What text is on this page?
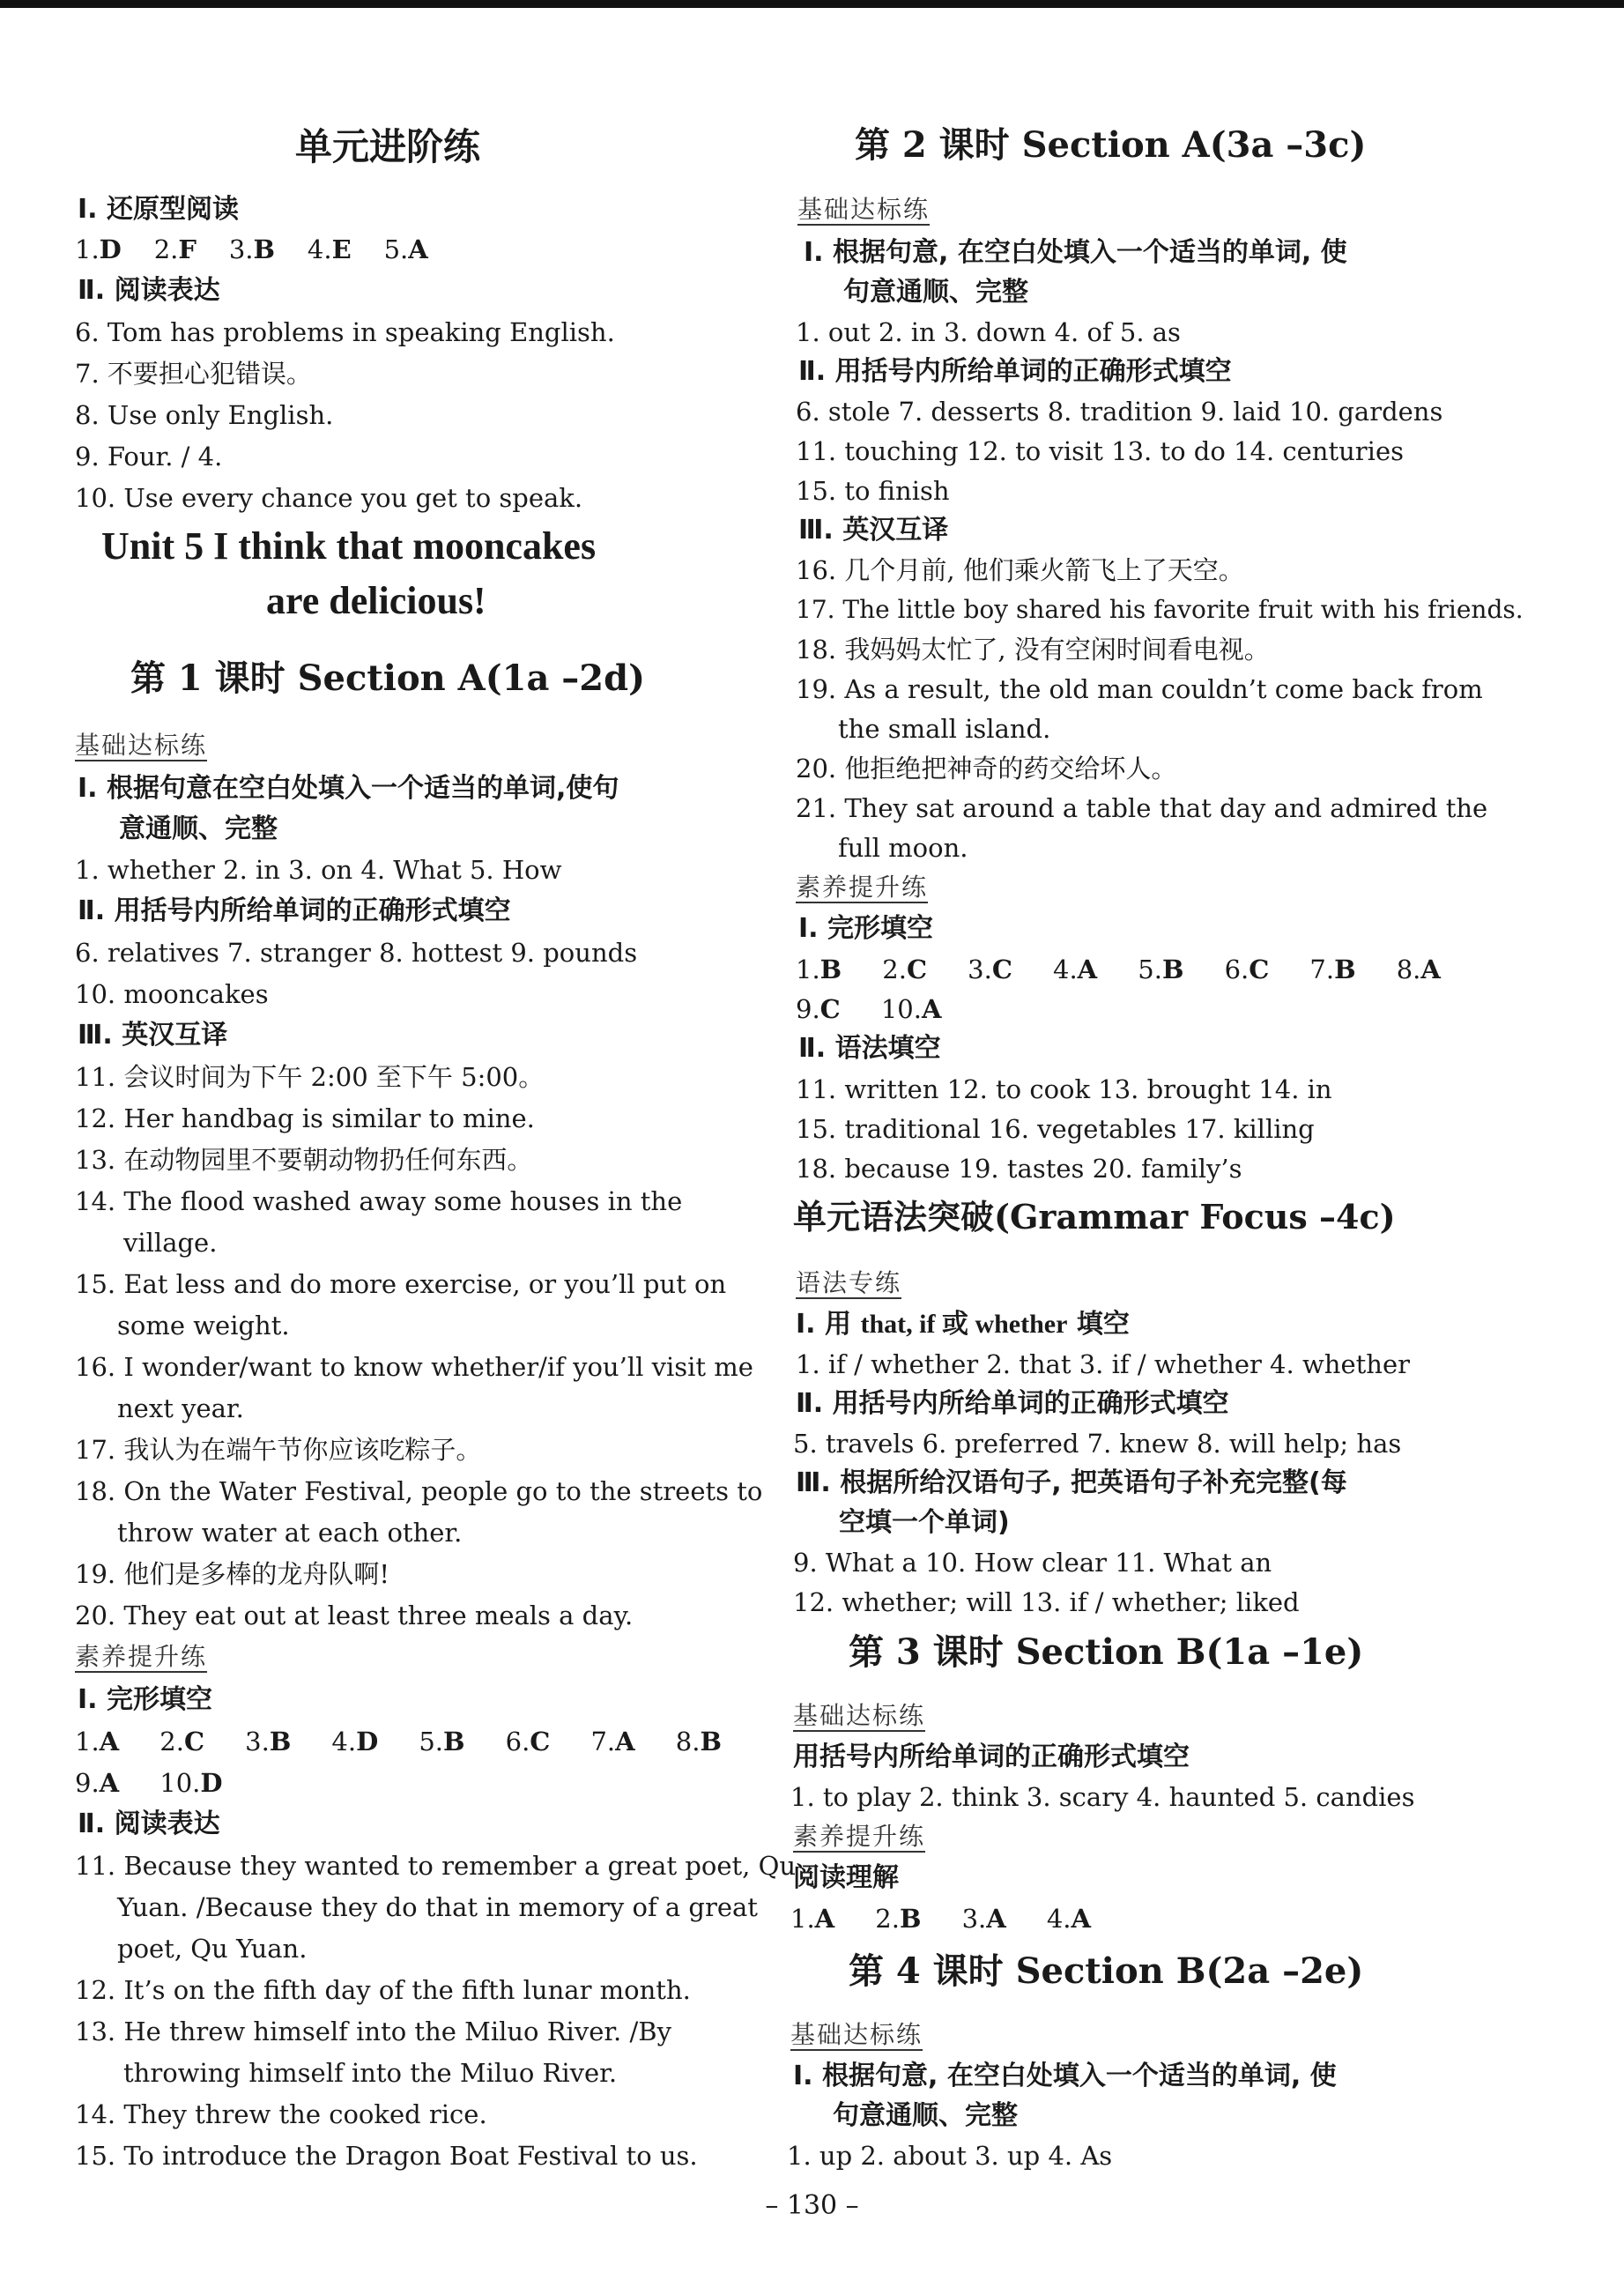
单元进阶练
Ⅰ. 还原型阅读
1.D 2.F 3.B 4.E 5.A
Ⅱ. 阅读表达
6. Tom has problems in speaking English.
7. 不要担心犯错误。
8. Use only English.
9. Four. / 4.
10. Use every chance you get to speak.
Unit 5 I think that mooncakes
are delicious!
第 1 课时 Section A(1a –2d)
基础达标练
Ⅰ. 根据句意在空白处填入一个适当的单词,使句
意通顺、完整
1. whether 2. in 3. on 4. What 5. How
Ⅱ. 用括号内所给单词的正确形式填空
6. relatives 7. stranger 8. hottest 9. pounds
10. mooncakes
Ⅲ. 英汉互译
11. 会议时间为下午 2:00 至下午 5:00。
12. Her handbag is similar to mine.
13. 在动物园里不要朝动物扔任何东西。
14. The flood washed away some houses in the
village.
15. Eat less and do more exercise, or you’ll put on
some weight.
16. I wonder/want to know whether/if you’ll visit me
next year.
17. 我认为在端午节你应该吃粽子。
18. On the Water Festival, people go to the streets to
throw water at each other.
19. 他们是多棒的龙舟队啊!
20. They eat out at least three meals a day.
素养提升练
Ⅰ. 完形填空
1.A 2.C 3.B 4.D 5.B 6.C 7.A 8.B
9.A 10.D
Ⅱ. 阅读表达
11. Because they wanted to remember a great poet, Qu
Yuan. /Because they do that in memory of a great
poet, Qu Yuan.
12. It’s on the fifth day of the fifth lunar month.
13. He threw himself into the Miluo River. /By
throwing himself into the Miluo River.
14. They threw the cooked rice.
15. To introduce the Dragon Boat Festival to us.
第 2 课时 Section A(3a –3c)
基础达标练
Ⅰ. 根据句意, 在空白处填入一个适当的单词, 使
句意通顺、完整
1. out 2. in 3. down 4. of 5. as
Ⅱ. 用括号内所给单词的正确形式填空
6. stole 7. desserts 8. tradition 9. laid 10. gardens
11. touching 12. to visit 13. to do 14. centuries
15. to finish
Ⅲ. 英汉互译
16. 几个月前, 他们乘火箭飞上了天空。
17. The little boy shared his favorite fruit with his friends.
18. 我妈妈太忙了, 没有空闲时间看电视。
19. As a result, the old man couldn’t come back from
the small island.
20. 他拒绝把神奇的药交给坏人。
21. They sat around a table that day and admired the
full moon.
素养提升练
Ⅰ. 完形填空
1.B 2.C 3.C 4.A 5.B 6.C 7.B 8.A
9.C 10.A
Ⅱ. 语法填空
11. written 12. to cook 13. brought 14. in
15. traditional 16. vegetables 17. killing
18. because 19. tastes 20. family’s
单元语法突破(Grammar Focus –4c)
语法专练
Ⅰ. 用 that, if 或 whether 填空
1. if / whether 2. that 3. if / whether 4. whether
Ⅱ. 用括号内所给单词的正确形式填空
5. travels 6. preferred 7. knew 8. will help; has
Ⅲ. 根据所给汉语句子, 把英语句子补充完整(每
空填一个单词)
9. What a 10. How clear 11. What an
12. whether; will 13. if / whether; liked
第 3 课时 Section B(1a –1e)
基础达标练
用括号内所给单词的正确形式填空
1. to play 2. think 3. scary 4. haunted 5. candies
素养提升练
阅读理解
1.A 2.B 3.A 4.A
第 4 课时 Section B(2a –2e)
基础达标练
Ⅰ. 根据句意, 在空白处填入一个适当的单词, 使
句意通顺、完整
1. up 2. about 3. up 4. As
– 130 –
